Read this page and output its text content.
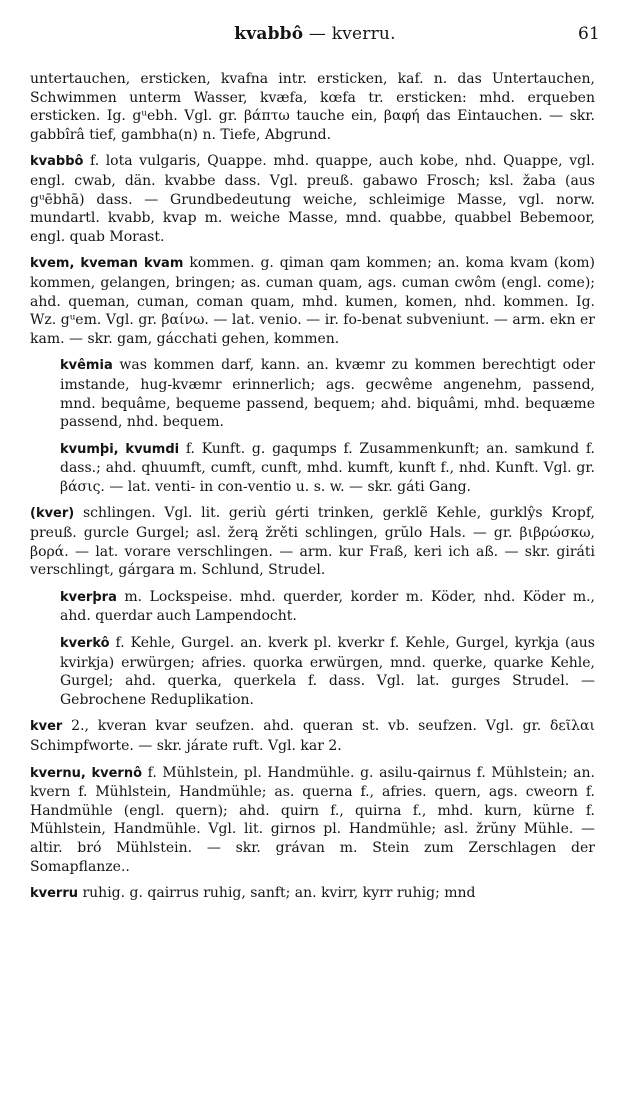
kvabbô — kverru.	61

untertauchen, ersticken, kvafna intr. ersticken, kaf. n. das Untertauchen, Schwimmen unterm Wasser, kvæfa, kœfa tr. ersticken: mhd. erqueben ersticken. Ig. gᵘebh. Vgl. gr. βάπτω tauche ein, βαφή das Eintauchen. — skr. gabbîrâ tief, gambha(n) n. Tiefe, Abgrund.

kvabbô f. lota vulgaris, Quappe. mhd. quappe, auch kobe, nhd. Quappe, vgl. engl. cwab, dän. kvabbe dass. Vgl. preuß. gabawo Frosch; ksl. žaba (aus gᵘēbhā) dass. — Grundbedeutung weiche, schleimige Masse, vgl. norw. mundartl. kvabb, kvap m. weiche Masse, mnd. quabbe, quabbel Bebemoor, engl. quab Morast.

kvem, kveman kvam kommen. g. qiman qam kommen; an. koma kvam (kom) kommen, gelangen, bringen; as. cuman quam, ags. cuman cwôm (engl. come); ahd. queman, cuman, coman quam, mhd. kumen, komen, nhd. kommen. Ig. Wz. gᵘem. Vgl. gr. βαίνω. — lat. venio. — ir. fo-benat subveniunt. — arm. ekn er kam. — skr. gam, gácchati gehen, kommen.

kvêmia was kommen darf, kann. an. kvæmr zu kommen berechtigt oder imstande, hug-kvæmr erinnerlich; ags. gecwême angenehm, passend, mnd. bequâme, bequeme passend, bequem; ahd. biquâmi, mhd. bequæme passend, nhd. bequem.

kvumþi, kvumdi f. Kunft. g. gaqumps f. Zusammenkunft; an. samkund f. dass.; ahd. qhuumft, cumft, cunft, mhd. kumft, kunft f., nhd. Kunft. Vgl. gr. βάσις. — lat. venti- in con-ventio u. s. w. — skr. gáti Gang.

(kver) schlingen. Vgl. lit. geriù gérti trinken, gerklẽ Kehle, gurklŷs Kropf, preuß. gurcle Gurgel; asl. žerą žrěti schlingen, grŭlo Hals. — gr. βιβρώσκω, βορά. — lat. vorare verschlingen. — arm. kur Fraß, keri ich aß. — skr. giráti verschlingt, gárgara m. Schlund, Strudel.

kverþra m. Lockspeise. mhd. querder, korder m. Köder, nhd. Köder m., ahd. querdar auch Lampendocht.

kverkô f. Kehle, Gurgel. an. kverk pl. kverkr f. Kehle, Gurgel, kyrkja (aus kvirkja) erwürgen; afries. quorka erwürgen, mnd. querke, quarke Kehle, Gurgel; ahd. querka, querkela f. dass. Vgl. lat. gurges Strudel. — Gebrochene Reduplikation.

kver 2., kveran kvar seufzen. ahd. queran st. vb. seufzen. Vgl. gr. δεῖλαι Schimpfworte. — skr. járate ruft. Vgl. kar 2.

kvernu, kvernô f. Mühlstein, pl. Handmühle. g. asilu-qairnus f. Mühlstein; an. kvern f. Mühlstein, Handmühle; as. querna f., afries. quern, ags. cweorn f. Handmühle (engl. quern); ahd. quirn f., quirna f., mhd. kurn, kürne f. Mühlstein, Handmühle. Vgl. lit. girnos pl. Handmühle; asl. žrŭny Mühle. — altir. bró Mühlstein. — skr. grávan m. Stein zum Zerschlagen der Somapflanze..

kverru ruhig. g. qairrus ruhig, sanft; an. kvirr, kyrr ruhig; mnd
